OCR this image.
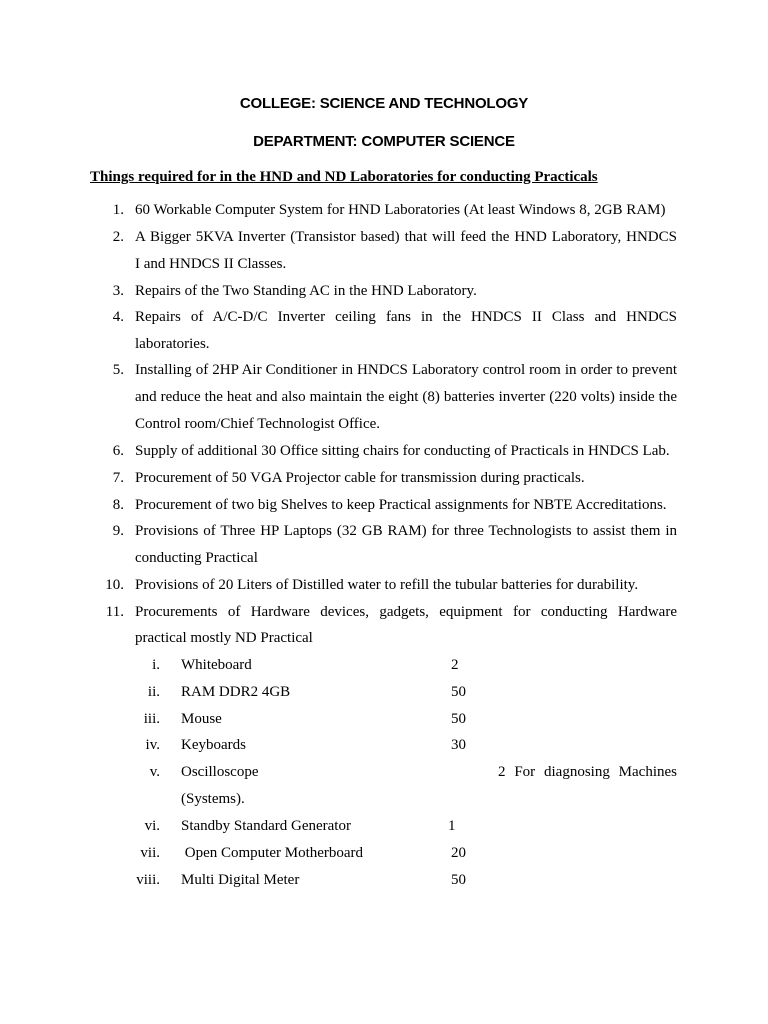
COLLEGE: SCIENCE AND TECHNOLOGY
DEPARTMENT: COMPUTER SCIENCE
Things required for in the HND and ND Laboratories for conducting Practicals
1. 60 Workable Computer System for HND Laboratories (At least Windows 8, 2GB RAM)
2. A Bigger 5KVA Inverter (Transistor based) that will feed the HND Laboratory, HNDCS
I and HNDCS II Classes.
3. Repairs of the Two Standing AC in the HND Laboratory.
4. Repairs of A/C-D/C Inverter ceiling fans in the HNDCS II Class and HNDCS
laboratories.
5. Installing of 2HP Air Conditioner in HNDCS Laboratory control room in order to prevent
and reduce the heat and also maintain the eight (8) batteries inverter (220 volts) inside the
Control room/Chief Technologist Office.
6. Supply of additional 30 Office sitting chairs for conducting of Practicals in HNDCS Lab.
7. Procurement of 50 VGA Projector cable for transmission during practicals.
8. Procurement of two big Shelves to keep Practical assignments for NBTE Accreditations.
9. Provisions of Three HP Laptops (32 GB RAM) for three Technologists to assist them in
conducting Practical
10. Provisions of 20 Liters of Distilled water to refill the tubular batteries for durability.
11. Procurements of Hardware devices, gadgets, equipment for conducting Hardware
practical mostly ND Practical
i. Whiteboard	2
ii. RAM DDR2 4GB	50
iii. Mouse	50
iv. Keyboards	30
v. Oscilloscope	2 For diagnosing Machines
(Systems).
vi. Standby Standard Generator	1
vii. Open Computer Motherboard	20
viii. Multi Digital Meter	50
